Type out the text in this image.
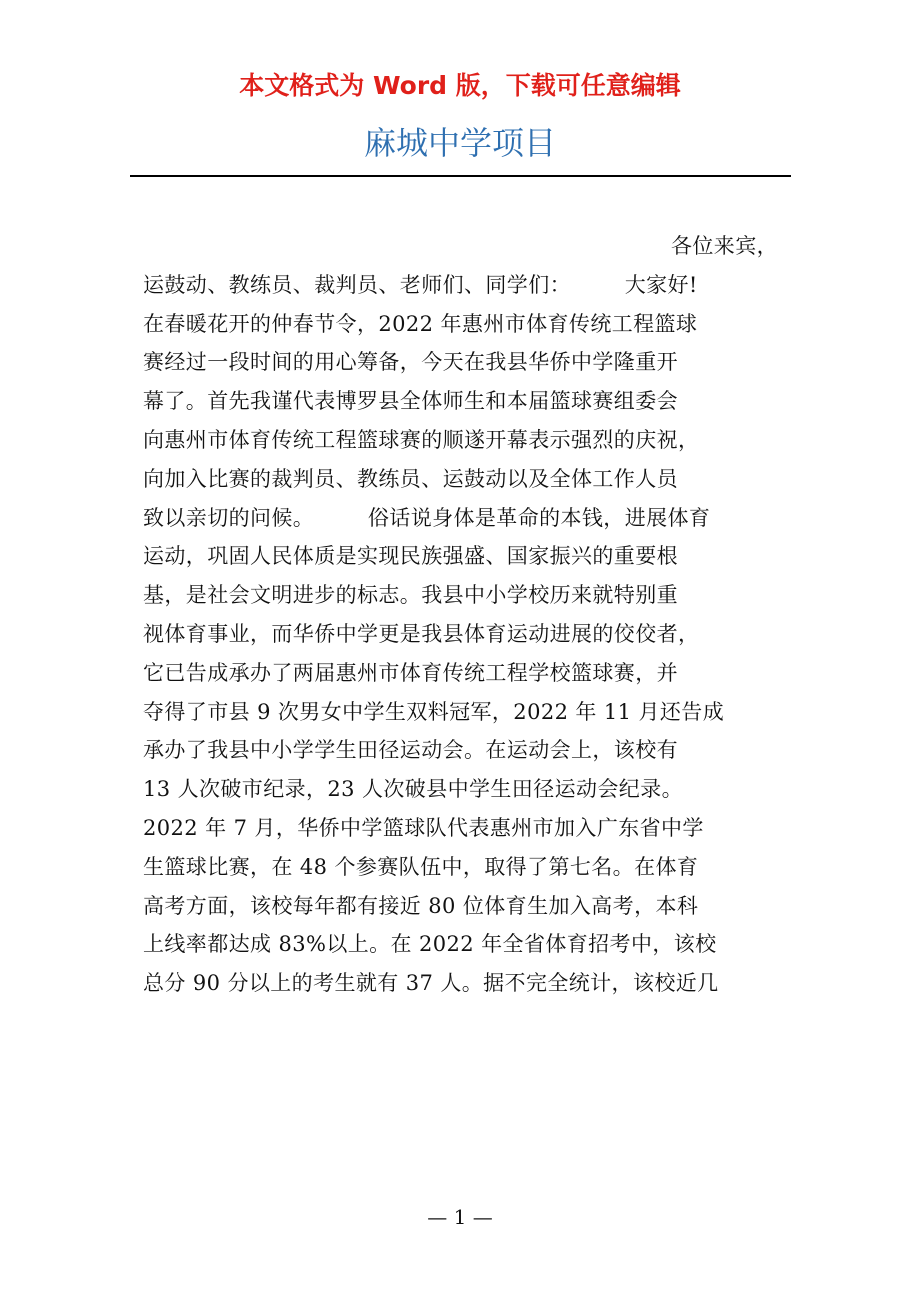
本文格式为 Word 版，下载可任意编辑
麻城中学项目
各位来宾，
运鼓动、教练员、裁判员、老师们、同学们：　　　大家好!
在春暖花开的仲春节令，2022 年惠州市体育传统工程篮球
赛经过一段时间的用心筹备，今天在我县华侨中学隆重开
幕了。首先我谨代表博罗县全体师生和本届篮球赛组委会
向惠州市体育传统工程篮球赛的顺遂开幕表示强烈的庆祝，
向加入比赛的裁判员、教练员、运鼓动以及全体工作人员
致以亲切的问候。　　　俗话说身体是革命的本钱，进展体育
运动，巩固人民体质是实现民族强盛、国家振兴的重要根
基，是社会文明进步的标志。我县中小学校历来就特别重
视体育事业，而华侨中学更是我县体育运动进展的佼佼者，
它已告成承办了两届惠州市体育传统工程学校篮球赛，并
夺得了市县 9 次男女中学生双料冠军，2022 年 11 月还告成
承办了我县中小学学生田径运动会。在运动会上，该校有
13 人次破市纪录，23 人次破县中学生田径运动会纪录。
2022 年 7 月，华侨中学篮球队代表惠州市加入广东省中学
生篮球比赛，在 48 个参赛队伍中，取得了第七名。在体育
高考方面，该校每年都有接近 80 位体育生加入高考，本科
上线率都达成 83%以上。在 2022 年全省体育招考中，该校
总分 90 分以上的考生就有 37 人。据不完全统计，该校近几
— 1 —
